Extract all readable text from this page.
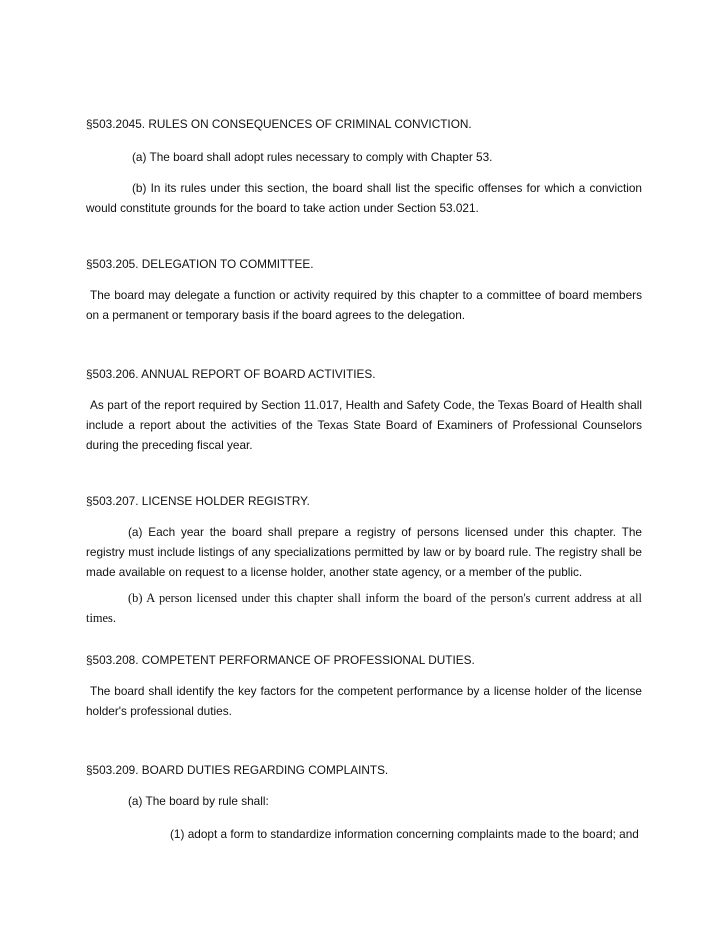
§503.2045. RULES ON CONSEQUENCES OF CRIMINAL CONVICTION.

(a) The board shall adopt rules necessary to comply with Chapter 53.

(b) In its rules under this section, the board shall list the specific offenses for which a conviction would constitute grounds for the board to take action under Section 53.021.

§503.205. DELEGATION TO COMMITTEE.

The board may delegate a function or activity required by this chapter to a committee of board members on a permanent or temporary basis if the board agrees to the delegation.

§503.206. ANNUAL REPORT OF BOARD ACTIVITIES.

As part of the report required by Section 11.017, Health and Safety Code, the Texas Board of Health shall include a report about the activities of the Texas State Board of Examiners of Professional Counselors during the preceding fiscal year.

§503.207. LICENSE HOLDER REGISTRY.

(a) Each year the board shall prepare a registry of persons licensed under this chapter. The registry must include listings of any specializations permitted by law or by board rule. The registry shall be made available on request to a license holder, another state agency, or a member of the public.

(b) A person licensed under this chapter shall inform the board of the person's current address at all times.

§503.208. COMPETENT PERFORMANCE OF PROFESSIONAL DUTIES.

The board shall identify the key factors for the competent performance by a license holder of the license holder's professional duties.

§503.209. BOARD DUTIES REGARDING COMPLAINTS.

(a) The board by rule shall:

(1) adopt a form to standardize information concerning complaints made to the board; and
